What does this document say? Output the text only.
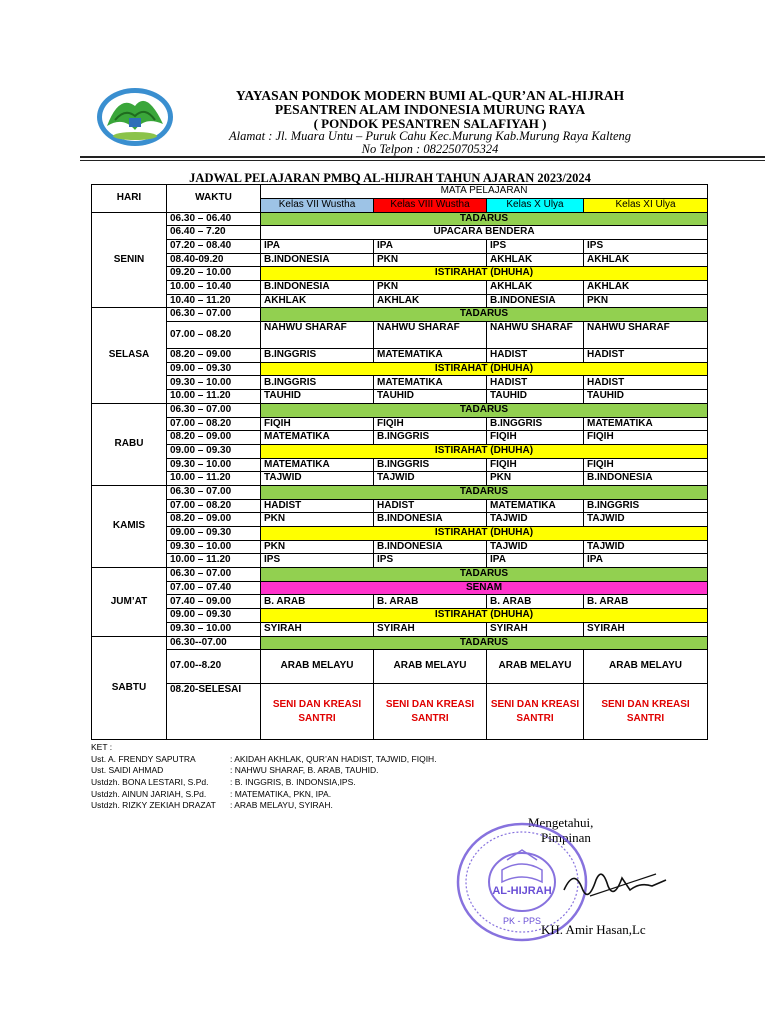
YAYASAN PONDOK MODERN BUMI AL-QUR’AN AL-HIJRAH
PESANTREN ALAM INDONESIA MURUNG RAYA
( PONDOK PESANTREN SALAFIYAH )
Alamat : Jl. Muara Untu – Puruk Cahu Kec.Murung Kab.Murung Raya Kalteng
No Telpon : 082250705324
JADWAL PELAJARAN PMBQ AL-HIJRAH TAHUN AJARAN 2023/2024
HARI	WAKTU	MATA PELAJARAN			
		Kelas VII Wustha	Kelas VIII Wustha	Kelas X Ulya	Kelas XI Ulya
SENIN	06.30 – 06.40	TADARUS			
	06.40 – 7.20	UPACARA BENDERA			
	07.20 – 08.40	IPA	IPA	IPS	IPS
	08.40-09.20	B.INDONESIA	PKN	AKHLAK	AKHLAK
	09.20 – 10.00	ISTIRAHAT (DHUHA)			
	10.00 – 10.40	B.INDONESIA	PKN	AKHLAK	AKHLAK
	10.40 – 11.20	AKHLAK	AKHLAK	B.INDONESIA	PKN
SELASA	06.30 – 07.00	TADARUS			
	07.00 – 08.20	NAHWU SHARAF	NAHWU SHARAF	NAHWU SHARAF	NAHWU SHARAF
	08.20 – 09.00	B.INGGRIS	MATEMATIKA	HADIST	HADIST
	09.00 – 09.30	ISTIRAHAT (DHUHA)			
	09.30 – 10.00	B.INGGRIS	MATEMATIKA	HADIST	HADIST
	10.00 – 11.20	TAUHID	TAUHID	TAUHID	TAUHID
RABU	06.30 – 07.00	TADARUS			
	07.00 – 08.20	FIQIH	FIQIH	B.INGGRIS	MATEMATIKA
	08.20 – 09.00	MATEMATIKA	B.INGGRIS	FIQIH	FIQIH
	09.00 – 09.30	ISTIRAHAT (DHUHA)			
	09.30 – 10.00	MATEMATIKA	B.INGGRIS	FIQIH	FIQIH
	10.00 – 11.20	TAJWID	TAJWID	PKN	B.INDONESIA
KAMIS	06.30 – 07.00	TADARUS			
	07.00 – 08.20	HADIST	HADIST	MATEMATIKA	B.INGGRIS
	08.20 – 09.00	PKN	B.INDONESIA	TAJWID	TAJWID
	09.00 – 09.30	ISTIRAHAT (DHUHA)			
	09.30 – 10.00	PKN	B.INDONESIA	TAJWID	TAJWID
	10.00 – 11.20	IPS	IPS	IPA	IPA
JUM’AT	06.30 – 07.00	TADARUS			
	07.00 – 07.40	SENAM			
	07.40 – 09.00	B. ARAB	B. ARAB	B. ARAB	B. ARAB
	09.00 – 09.30	ISTIRAHAT (DHUHA)			
	09.30 – 10.00	SYIRAH	SYIRAH	SYIRAH	SYIRAH
SABTU	06.30--07.00	TADARUS			
	07.00--8.20	ARAB MELAYU	ARAB MELAYU	ARAB MELAYU	ARAB MELAYU
	08.20-SELESAI	SENI DAN KREASI SANTRI	SENI DAN KREASI SANTRI	SENI DAN KREASI SANTRI	SENI DAN KREASI SANTRI
KET :
Ust. A. FRENDY SAPUTRA	: AKIDAH AKHLAK, QUR’AN HADIST, TAJWID, FIQIH.
Ust. SAIDI AHMAD	: NAHWU SHARAF, B. ARAB, TAUHID.
Ustdzh. BONA LESTARI, S.Pd.	: B. INGGRIS, B. INDONSIA,IPS.
Ustdzh. AINUN JARIAH, S.Pd.	: MATEMATIKA, PKN, IPA.
Ustdzh. RIZKY ZEKIAH DRAZAT : ARAB MELAYU, SYIRAH.
Mengetahui,
Pimpinan
AL-HIJRAH
PK - PPS
KH. Amir Hasan,Lc
